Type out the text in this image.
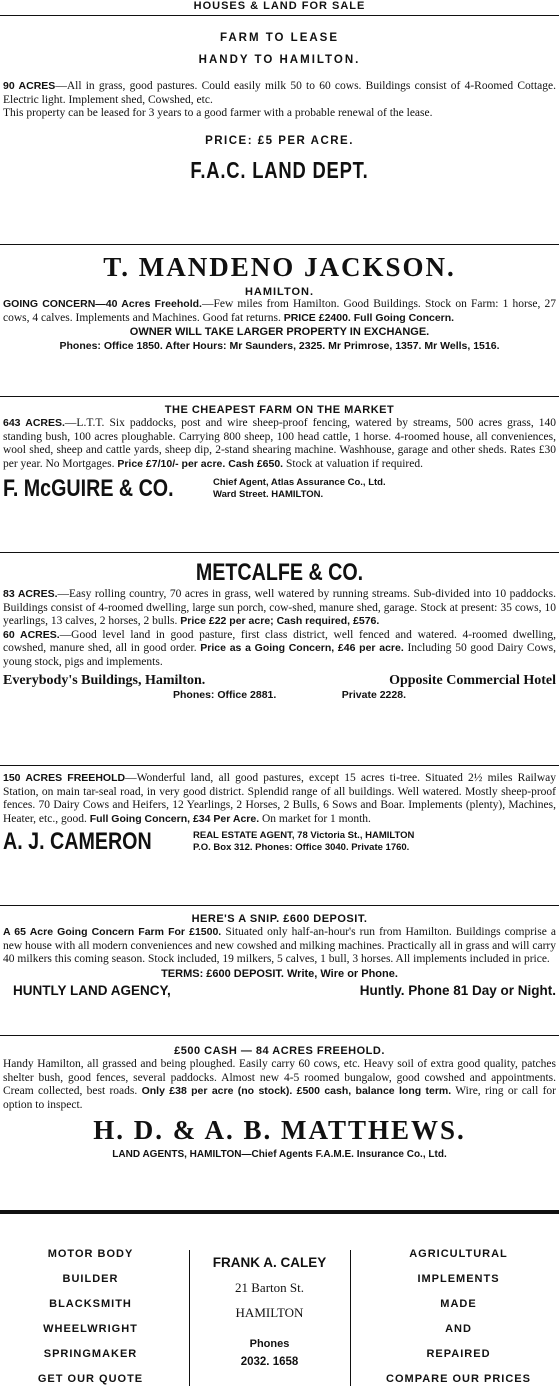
HOUSES & LAND FOR SALE
FARM TO LEASE
HANDY TO HAMILTON.

90 ACRES—All in grass, good pastures. Could easily milk 50 to 60 cows. Buildings consist of 4-Roomed Cottage. Electric light. Implement shed, Cowshed, etc.

This property can be leased for 3 years to a good farmer with a probable renewal of the lease.

PRICE: £5 PER ACRE.
F.A.C. LAND DEPT.
T. MANDENO JACKSON.
HAMILTON.

GOING CONCERN—40 Acres Freehold.—Few miles from Hamilton. Good Buildings. Stock on Farm: 1 horse, 27 cows, 4 calves. Implements and Machines. Good fat returns. PRICE £2400. Full Going Concern.

OWNER WILL TAKE LARGER PROPERTY IN EXCHANGE.
Phones: Office 1850. After Hours: Mr Saunders, 2325. Mr Primrose, 1357. Mr Wells, 1516.
THE CHEAPEST FARM ON THE MARKET

643 ACRES.—L.T.T. Six paddocks, post and wire sheep-proof fencing, watered by streams, 500 acres grass, 140 standing bush, 100 acres ploughable. Carrying 800 sheep, 100 head cattle, 1 horse. 4-roomed house, all conveniences, wool shed, sheep and cattle yards, sheep dip, 2-stand shearing machine. Washhouse, garage and other sheds. Rates £30 per year. No Mortgages. Price £7/10/- per acre. Cash £650. Stock at valuation if required.

F. McGUIRE & CO.	Chief Agent, Atlas Assurance Co., Ltd.
Ward Street. HAMILTON.
METCALFE & CO.

83 ACRES.—Easy rolling country, 70 acres in grass, well watered by running streams. Sub-divided into 10 paddocks. Buildings consist of 4-roomed dwelling, large sun porch, cow-shed, manure shed, garage. Stock at present: 35 cows, 10 yearlings, 13 calves, 2 horses, 2 bulls. Price £22 per acre; Cash required, £576.

60 ACRES.—Good level land in good pasture, first class district, well fenced and watered. 4-roomed dwelling, cowshed, manure shed, all in good order. Price as a Going Concern, £46 per acre. Including 50 good Dairy Cows, young stock, pigs and implements.

Everybody's Buildings, Hamilton.	Opposite Commercial Hotel
Phones: Office 2881.	Private 2228.

150 ACRES FREEHOLD—Wonderful land, all good pastures, except 15 acres ti-tree. Situated 2½ miles Railway Station, on main tar-seal road, in very good district. Splendid range of all buildings. Well watered. Mostly sheep-proof fences. 70 Dairy Cows and Heifers, 12 Yearlings, 2 Horses, 2 Bulls, 6 Sows and Boar. Implements (plenty), Machines, Heater, etc., good. Full Going Concern, £34 Per Acre. On market for 1 month.

A. J. CAMERON	REAL ESTATE AGENT, 78 Victoria St., HAMILTON
P.O. Box 312. Phones: Office 3040. Private 1760.
HERE'S A SNIP. £600 DEPOSIT.

A 65 Acre Going Concern Farm For £1500. Situated only half-an-hour's run from Hamilton. Buildings comprise a new house with all modern conveniences and new cowshed and milking machines. Practically all in grass and will carry 40 milkers this coming season. Stock included, 19 milkers, 5 calves, 1 bull, 3 horses. All implements included in price.

TERMS: £600 DEPOSIT. Write, Wire or Phone.
HUNTLY LAND AGENCY,	Huntly. Phone 81 Day or Night.
£500 CASH — 84 ACRES FREEHOLD.

Handy Hamilton, all grassed and being ploughed. Easily carry 60 cows, etc. Heavy soil of extra good quality, patches shelter bush, good fences, several paddocks. Almost new 4-5 roomed bungalow, good cowshed and appointments. Cream collected, best roads. Only £38 per acre (no stock). £500 cash, balance long term. Wire, ring or call for option to inspect.

H. D. & A. B. MATTHEWS.
LAND AGENTS, HAMILTON—Chief Agents F.A.M.E. Insurance Co., Ltd.
MOTOR BODY
BUILDER
BLACKSMITH
WHEELWRIGHT
SPRINGMAKER
GET OUR QUOTE
FRANK A. CALEY
21 Barton St.
HAMILTON
Phones
2032. 1658
AGRICULTURAL
IMPLEMENTS
MADE
AND
REPAIRED
COMPARE OUR PRICES
